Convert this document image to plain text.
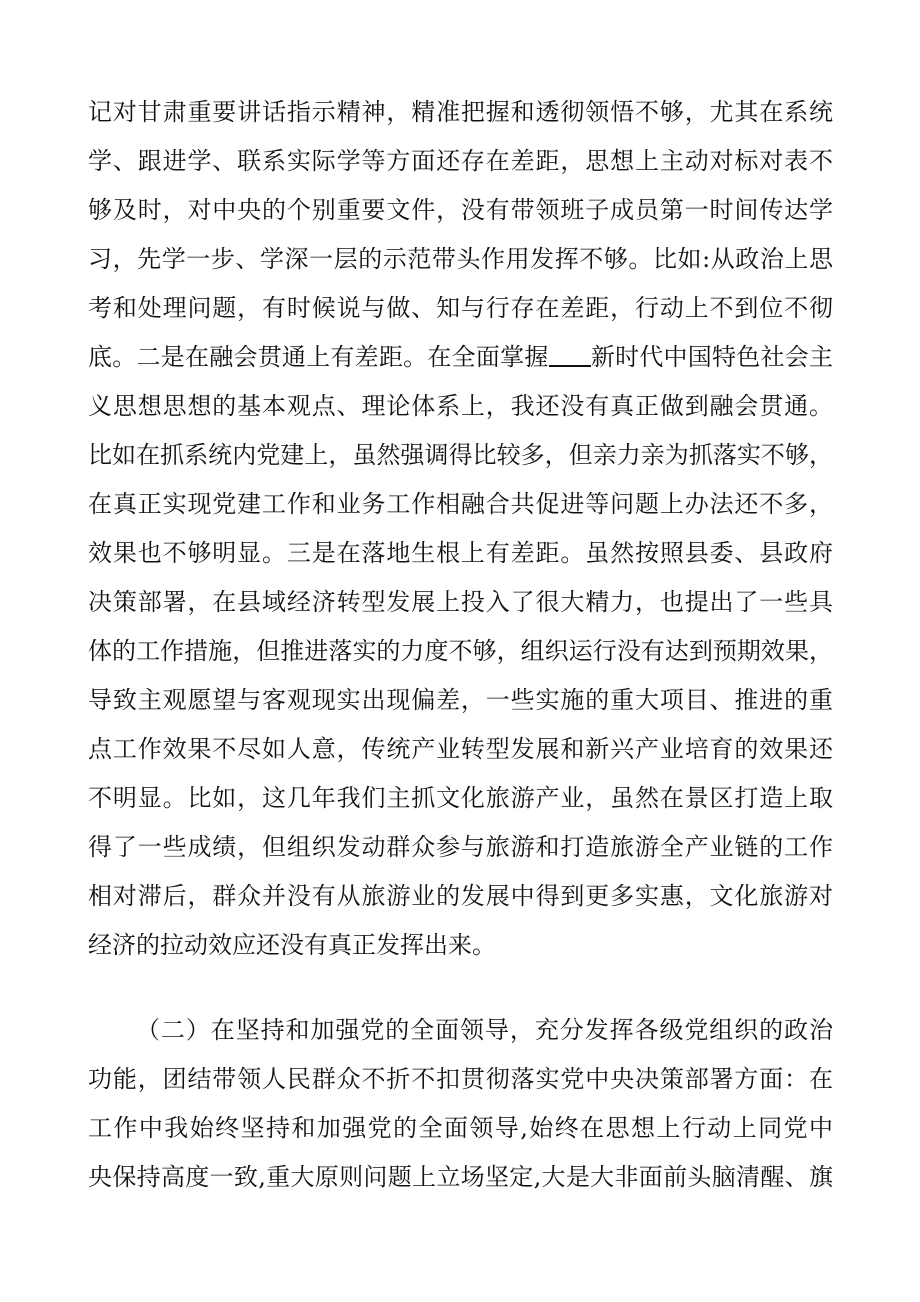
记对甘肃重要讲话指示精神，精准把握和透彻领悟不够，尤其在系统
学、跟进学、联系实际学等方面还存在差距，思想上主动对标对表不
够及时，对中央的个别重要文件，没有带领班子成员第一时间传达学
习，先学一步、学深一层的示范带头作用发挥不够。比如:从政治上思
考和处理问题，有时候说与做、知与行存在差距，行动上不到位不彻
底。二是在融会贯通上有差距。在全面掌握 新时代中国特色社会主
义思想思想的基本观点、理论体系上，我还没有真正做到融会贯通。
比如在抓系统内党建上，虽然强调得比较多，但亲力亲为抓落实不够，
在真正实现党建工作和业务工作相融合共促进等问题上办法还不多，
效果也不够明显。三是在落地生根上有差距。虽然按照县委、县政府
决策部署，在县域经济转型发展上投入了很大精力，也提出了一些具
体的工作措施，但推进落实的力度不够，组织运行没有达到预期效果，
导致主观愿望与客观现实出现偏差，一些实施的重大项目、推进的重
点工作效果不尽如人意，传统产业转型发展和新兴产业培育的效果还
不明显。比如，这几年我们主抓文化旅游产业，虽然在景区打造上取
得了一些成绩，但组织发动群众参与旅游和打造旅游全产业链的工作
相对滞后，群众并没有从旅游业的发展中得到更多实惠，文化旅游对
经济的拉动效应还没有真正发挥出来。
（二）在坚持和加强党的全面领导，充分发挥各级党组织的政治
功能，团结带领人民群众不折不扣贯彻落实党中央决策部署方面：在
工作中我始终坚持和加强党的全面领导,始终在思想上行动上同党中
央保持高度一致,重大原则问题上立场坚定,大是大非面前头脑清醒、旗
